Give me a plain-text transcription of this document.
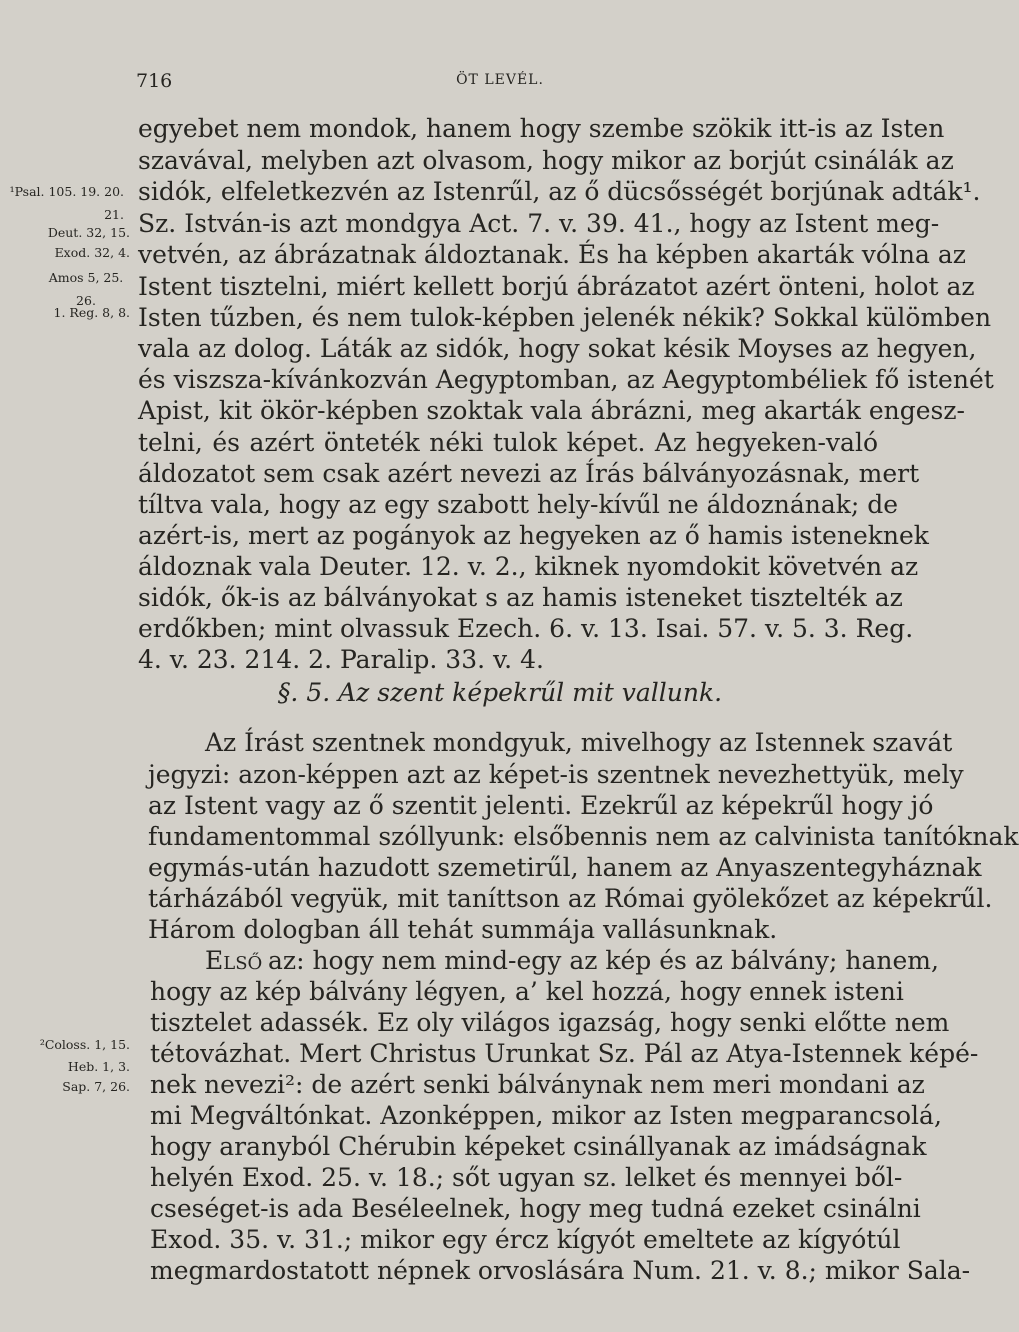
716	ÖT LEVÉL.
¹Psal. 105. 19. 20. 21.
Deut. 32, 15.
Exod. 32, 4.
Amos 5, 25. 26.
1. Reg. 8, 8.
²Coloss. 1, 15.
Heb. 1, 3.
Sap. 7, 26.
egyebet nem mondok, hanem hogy szembe szökik itt-is az Isten
szavával, melyben azt olvasom, hogy mikor az borjút csinálák az
sidók, elfeletkezvén az Istenrűl, az ő dücsősségét borjúnak adták¹.
Sz. István-is azt mondgya Act. 7. v. 39. 41., hogy az Istent meg-
vetvén, az ábrázatnak áldoztanak. És ha képben akarták vólna az
Istent tisztelni, miért kellett borjú ábrázatot azért önteni, holot az
Isten tűzben, és nem tulok-képben jelenék nékik? Sokkal külömben
vala az dolog. Láták az sidók, hogy sokat késik Moyses az hegyen,
és viszsza-kívánkozván Aegyptomban, az Aegyptombéliek fő istenét
Apist, kit ökör-képben szoktak vala ábrázni, meg akarták engesz-
telni, és azért önteték néki tulok képet. Az hegyeken-való
áldozatot sem csak azért nevezi az Írás bálványozásnak, mert
tíltva vala, hogy az egy szabott hely-kívűl ne áldoznának; de
azért-is, mert az pogányok az hegyeken az ő hamis isteneknek
áldoznak vala Deuter. 12. v. 2., kiknek nyomdokit követvén az
sidók, ők-is az bálványokat s az hamis isteneket tisztelték az
erdőkben; mint olvassuk Ezech. 6. v. 13. Isai. 57. v. 5. 3. Reg.
4. v. 23. 214. 2. Paralip. 33. v. 4.
§. 5. Az szent képekrűl mit vallunk.
Az Írást szentnek mondgyuk, mivelhogy az Istennek szavát
jegyzi: azon-képpen azt az képet-is szentnek nevezhettyük, mely
az Istent vagy az ő szentit jelenti. Ezekrűl az képekrűl hogy jó
fundamentommal szóllyunk: elsőbennis nem az calvinista tanítóknak
egymás-után hazudott szemetirűl, hanem az Anyaszentegyháznak
tárházából vegyük, mit taníttson az Római gyölekőzet az képekrűl.
Három dologban áll tehát summája vallásunknak.
Első az: hogy nem mind-egy az kép és az bálvány; hanem,
hogy az kép bálvány légyen, a’ kel hozzá, hogy ennek isteni
tisztelet adassék. Ez oly világos igazság, hogy senki előtte nem
tétovázhat. Mert Christus Urunkat Sz. Pál az Atya-Istennek képé-
nek nevezi²: de azért senki bálványnak nem meri mondani az
mi Megváltónkat. Azonképpen, mikor az Isten megparancsolá,
hogy aranyból Chérubin képeket csinállyanak az imádságnak
helyén Exod. 25. v. 18.; sőt ugyan sz. lelket és mennyei ből-
cseséget-is ada Beséleelnek, hogy meg tudná ezeket csinálni
Exod. 35. v. 31.; mikor egy ércz kígyót emeltete az kígyótúl
megmardostatott népnek orvoslására Num. 21. v. 8.; mikor Sala-
